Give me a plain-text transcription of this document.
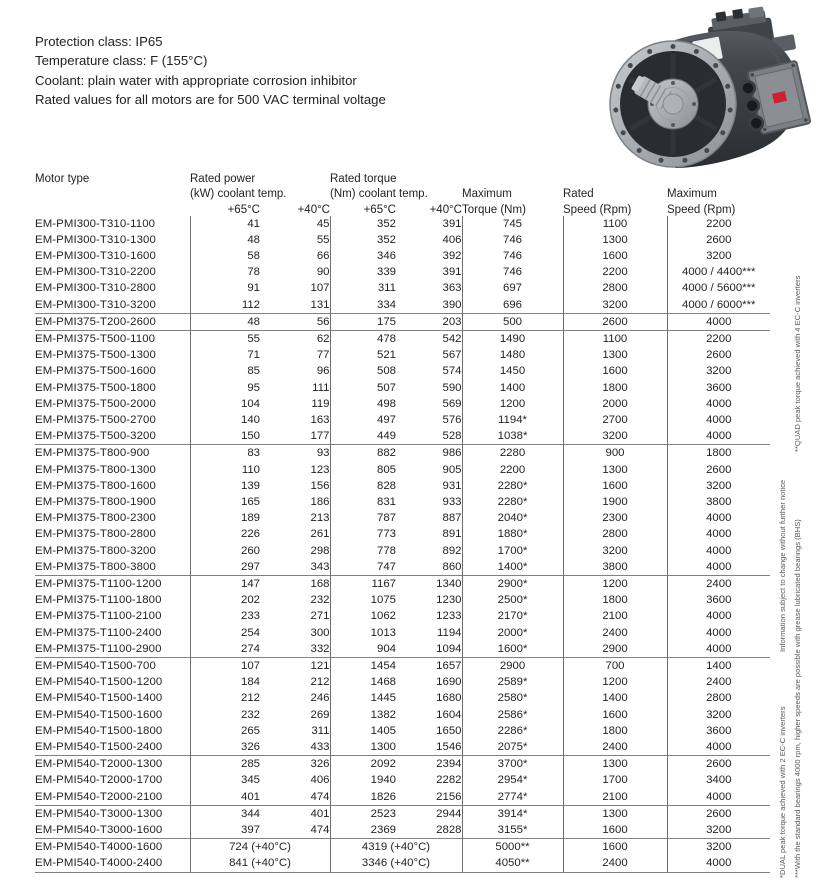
Protection class: IP65
Temperature class: F (155°C)
Coolant: plain water with appropriate corrosion inhibitor
Rated values for all motors are for 500 VAC terminal voltage
Motor type	Rated power		Rated torque				
	(kW) coolant temp.		(Nm) coolant temp.		Maximum	Rated	Maximum
	+65°C	+40°C	+65°C	+40°C	Torque (Nm)	Speed (Rpm)	Speed (Rpm)
EM-PMI300-T310-1100	41	45	352	391	745	1100	2200
EM-PMI300-T310-1300	48	55	352	406	746	1300	2600
EM-PMI300-T310-1600	58	66	346	392	746	1600	3200
EM-PMI300-T310-2200	78	90	339	391	746	2200	4000 / 4400***
EM-PMI300-T310-2800	91	107	311	363	697	2800	4000 / 5600***
EM-PMI300-T310-3200	112	131	334	390	696	3200	4000 / 6000***
EM-PMI375-T200-2600	48	56	175	203	500	2600	4000
EM-PMI375-T500-1100	55	62	478	542	1490	1100	2200
EM-PMI375-T500-1300	71	77	521	567	1480	1300	2600
EM-PMI375-T500-1600	85	96	508	574	1450	1600	3200
EM-PMI375-T500-1800	95	111	507	590	1400	1800	3600
EM-PMI375-T500-2000	104	119	498	569	1200	2000	4000
EM-PMI375-T500-2700	140	163	497	576	1194*	2700	4000
EM-PMI375-T500-3200	150	177	449	528	1038*	3200	4000
EM-PMI375-T800-900	83	93	882	986	2280	900	1800
EM-PMI375-T800-1300	110	123	805	905	2200	1300	2600
EM-PMI375-T800-1600	139	156	828	931	2280*	1600	3200
EM-PMI375-T800-1900	165	186	831	933	2280*	1900	3800
EM-PMI375-T800-2300	189	213	787	887	2040*	2300	4000
EM-PMI375-T800-2800	226	261	773	891	1880*	2800	4000
EM-PMI375-T800-3200	260	298	778	892	1700*	3200	4000
EM-PMI375-T800-3800	297	343	747	860	1400*	3800	4000
EM-PMI375-T1100-1200	147	168	1167	1340	2900*	1200	2400
EM-PMI375-T1100-1800	202	232	1075	1230	2500*	1800	3600
EM-PMI375-T1100-2100	233	271	1062	1233	2170*	2100	4000
EM-PMI375-T1100-2400	254	300	1013	1194	2000*	2400	4000
EM-PMI375-T1100-2900	274	332	904	1094	1600*	2900	4000
EM-PMI540-T1500-700	107	121	1454	1657	2900	700	1400
EM-PMI540-T1500-1200	184	212	1468	1690	2589*	1200	2400
EM-PMI540-T1500-1400	212	246	1445	1680	2580*	1400	2800
EM-PMI540-T1500-1600	232	269	1382	1604	2586*	1600	3200
EM-PMI540-T1500-1800	265	311	1405	1650	2286*	1800	3600
EM-PMI540-T1500-2400	326	433	1300	1546	2075*	2400	4000
EM-PMI540-T2000-1300	285	326	2092	2394	3700*	1300	2600
EM-PMI540-T2000-1700	345	406	1940	2282	2954*	1700	3400
EM-PMI540-T2000-2100	401	474	1826	2156	2774*	2100	4000
EM-PMI540-T3000-1300	344	401	2523	2944	3914*	1300	2600
EM-PMI540-T3000-1600	397	474	2369	2828	3155*	1600	3200
EM-PMI540-T4000-1600	724 (+40°C)		4319 (+40°C)		5000**	1600	3200
EM-PMI540-T4000-2400	841 (+40°C)		3346 (+40°C)		4050**	2400	4000	***With the standard bearings 4000 rpm, higher speeds are possible with grease lubricated bearings (BHS)
**QUAD peak torque achieved with 4 EC-C inverters
*DUAL peak torque achieved with 2 EC-C inverters
Information subject to change without further notice
